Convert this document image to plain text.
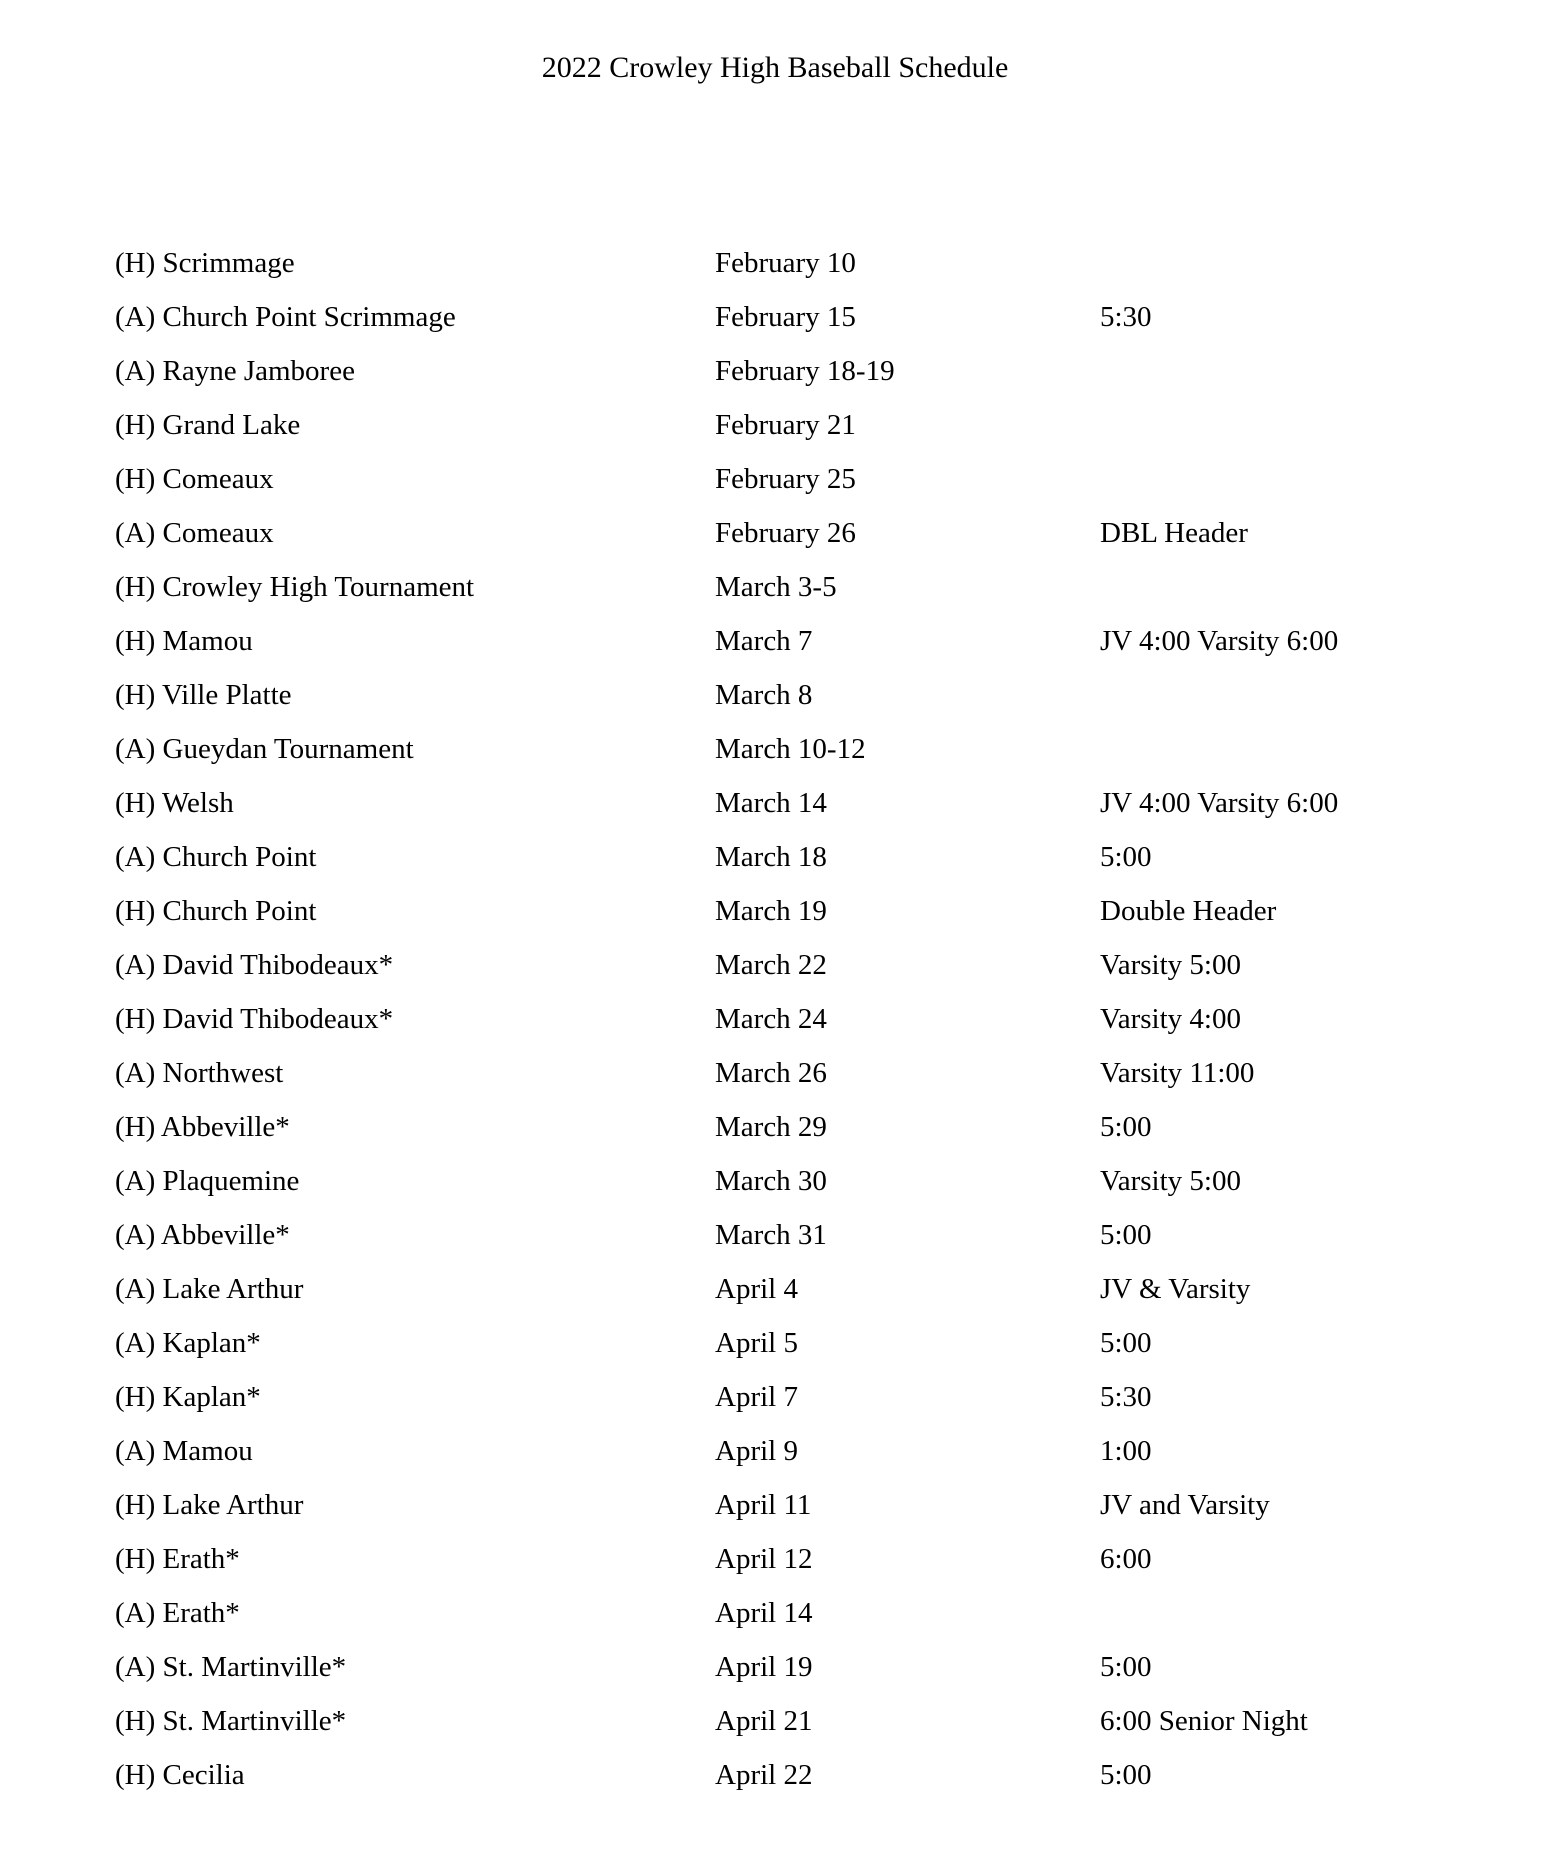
2022 Crowley High Baseball Schedule
(H) Scrimmage	February 10
(A) Church Point Scrimmage	February 15	5:30
(A) Rayne Jamboree	February 18-19
(H) Grand Lake	February 21
(H) Comeaux	February 25
(A) Comeaux	February 26	DBL Header
(H) Crowley High Tournament	March 3-5
(H) Mamou	March 7	JV 4:00 Varsity 6:00
(H) Ville Platte	March 8
(A) Gueydan Tournament	March 10-12
(H) Welsh	March 14	JV 4:00 Varsity 6:00
(A) Church Point	March 18	5:00
(H) Church Point	March 19	Double Header
(A) David Thibodeaux*	March 22	Varsity 5:00
(H) David Thibodeaux*	March 24	Varsity 4:00
(A) Northwest	March 26	Varsity 11:00
(H) Abbeville*	March 29	5:00
(A) Plaquemine	March 30	Varsity 5:00
(A) Abbeville*	March 31	5:00
(A) Lake Arthur	April 4	JV & Varsity
(A) Kaplan*	April 5	5:00
(H) Kaplan*	April 7	5:30
(A) Mamou	April 9	1:00
(H) Lake Arthur	April 11	JV and Varsity
(H) Erath*	April 12	6:00
(A) Erath*	April 14
(A) St. Martinville*	April 19	5:00
(H) St. Martinville*	April 21	6:00 Senior Night
(H) Cecilia	April 22	5:00
